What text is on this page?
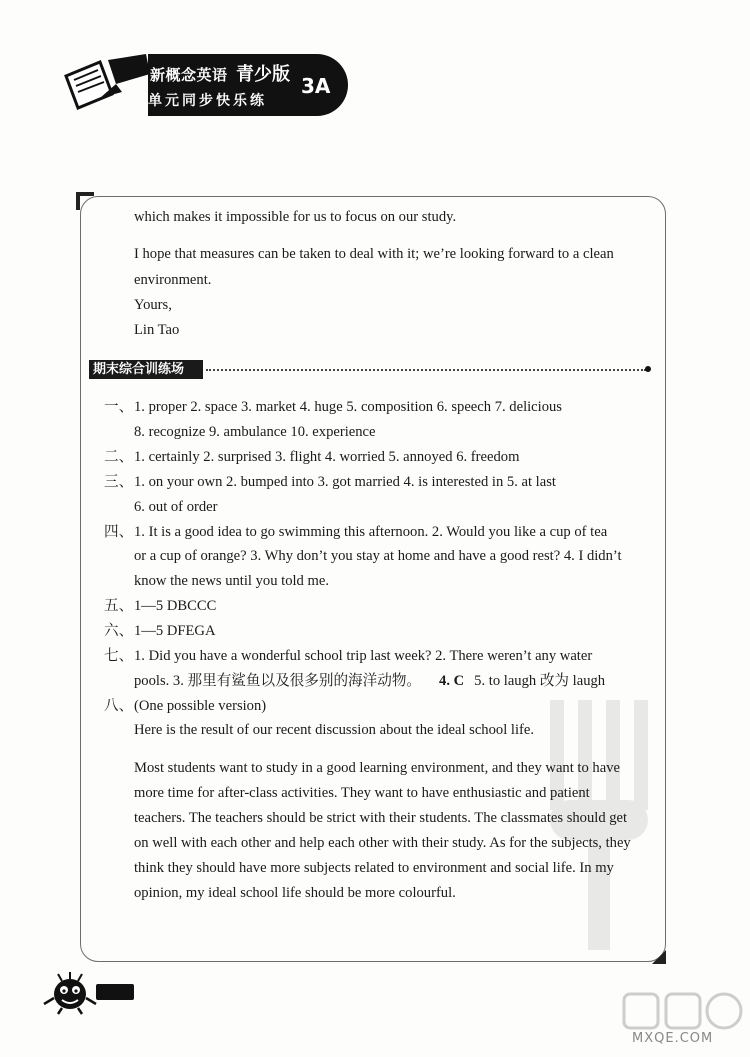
新概念英语 青少版 3A
单元同步快乐练
which makes it impossible for us to focus on our study.
I hope that measures can be taken to deal with it; we’re looking forward to a clean
environment.
Yours,
Lin Tao
期末综合训练场
一、1. proper 2. space 3. market 4. huge 5. composition 6. speech 7. delicious
8. recognize 9. ambulance 10. experience
二、1. certainly 2. surprised 3. flight 4. worried 5. annoyed 6. freedom
三、1. on your own 2. bumped into 3. got married 4. is interested in 5. at last
6. out of order
四、1. It is a good idea to go swimming this afternoon. 2. Would you like a cup of tea
or a cup of orange? 3. Why don’t you stay at home and have a good rest? 4. I didn’t
know the news until you told me.
五、1—5 DBCCC
六、1—5 DFEGA
七、1. Did you have a wonderful school trip last week? 2. There weren’t any water
pools. 3. 那里有鲨鱼以及很多别的海洋动物。 4. C 5. to laugh 改为 laugh
八、(One possible version)
Here is the result of our recent discussion about the ideal school life.
Most students want to study in a good learning environment, and they want to have
more time for after-class activities. They want to have enthusiastic and patient
teachers. The teachers should be strict with their students. The classmates should get
on well with each other and help each other with their study. As for the subjects, they
think they should have more subjects related to environment and social life. In my
opinion, my ideal school life should be more colourful.
MXQE.COM
